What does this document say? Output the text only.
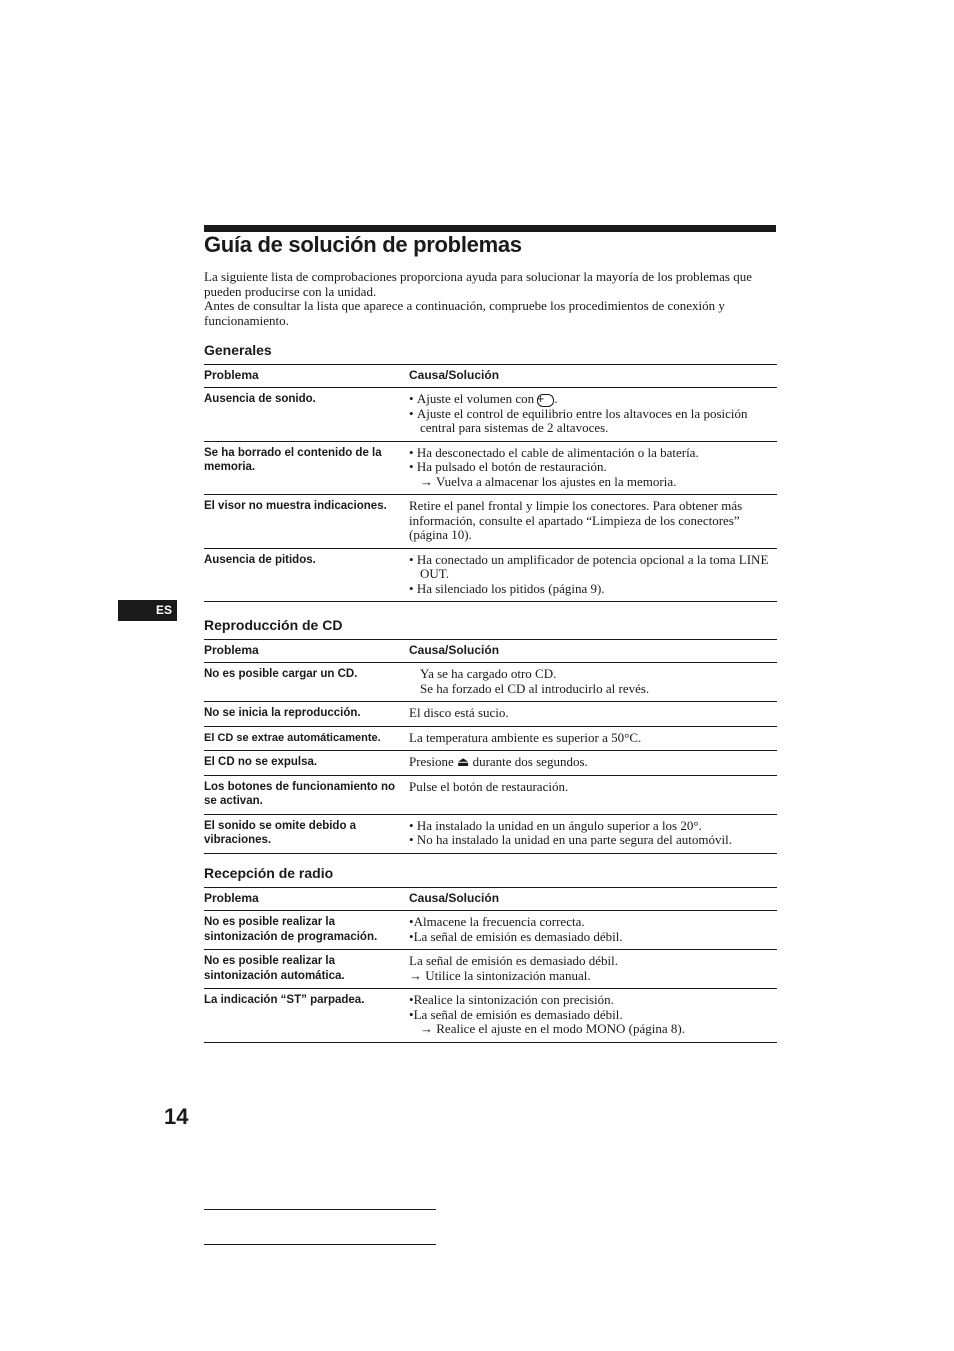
Guía de solución de problemas

La siguiente lista de comprobaciones proporciona ayuda para solucionar la mayoría de los problemas que pueden producirse con la unidad.

Antes de consultar la lista que aparece a continuación, compruebe los procedimientos de conexión y funcionamiento.

Generales
Problema	Causa/Solución
Ausencia de sonido.	• Ajuste el volumen con + .
• Ajuste el control de equilibrio entre los altavoces en la posición central para sistemas de 2 altavoces.

Se ha borrado el contenido de la memoria.	• Ha desconectado el cable de alimentación o la batería.
• Ha pulsado el botón de restauración.
→ Vuelva a almacenar los ajustes en la memoria.

El visor no muestra indicaciones.	Retire el panel frontal y limpie los conectores. Para obtener más información, consulte el apartado “Limpieza de los conectores” (página 10).

Ausencia de pitidos.	• Ha conectado un amplificador de potencia opcional a la toma LINE OUT.
• Ha silenciado los pitidos (página 9).
ES
Reproducción de CD
Problema	Causa/Solución
No es posible cargar un CD.	Ya se ha cargado otro CD.
Se ha forzado el CD al introducirlo al revés.

No se inicia la reproducción.	El disco está sucio.

El CD se extrae automáticamente.	La temperatura ambiente es superior a 50°C.

El CD no se expulsa.	Presione ⏏ durante dos segundos.

Los botones de funcionamiento no se activan.	Pulse el botón de restauración.

El sonido se omite debido a vibraciones.	• Ha instalado la unidad en un ángulo superior a los 20°.
• No ha instalado la unidad en una parte segura del automóvil.
Recepción de radio
Problema	Causa/Solución
No es posible realizar la sintonización de programación.	•Almacene la frecuencia correcta.
•La señal de emisión es demasiado débil.

No es posible realizar la sintonización automática.	La señal de emisión es demasiado débil.
→ Utilice la sintonización manual.

La indicación “ST” parpadea.	•Realice la sintonización con precisión.
•La señal de emisión es demasiado débil.
→ Realice el ajuste en el modo MONO (página 8).
14
